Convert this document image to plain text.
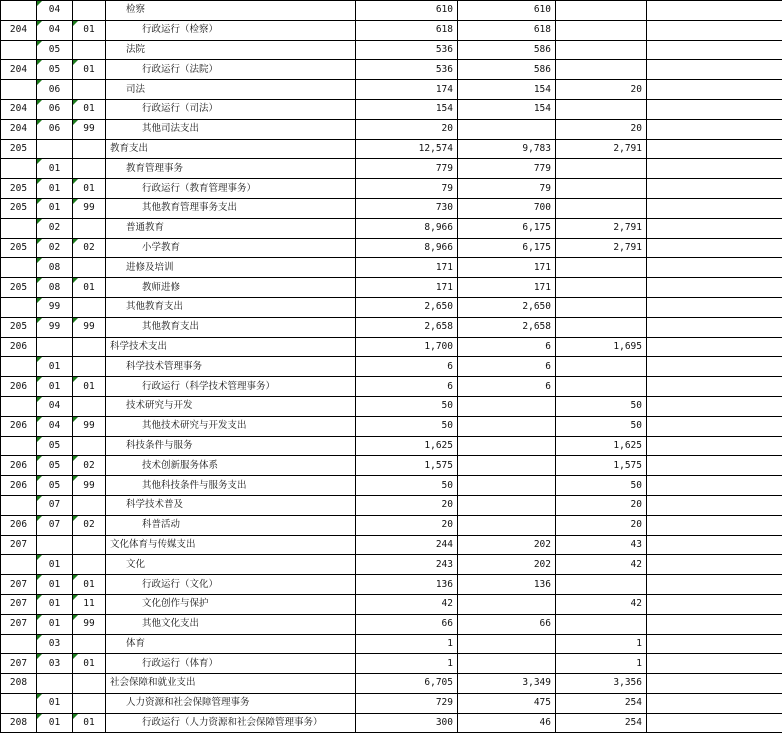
	04		检察	610	610		
204	04	01	行政运行（检察）	618	618		
	05		法院	536	586		
204	05	01	行政运行（法院）	536	586		
	06		司法	174	154	20	
204	06	01	行政运行（司法）	154	154		
204	06	99	其他司法支出	20		20	
205			教育支出	12,574	9,783	2,791	
	01		教育管理事务	779	779		
205	01	01	行政运行（教育管理事务）	79	79		
205	01	99	其他教育管理事务支出	730	700		
	02		普通教育	8,966	6,175	2,791	
205	02	02	小学教育	8,966	6,175	2,791	
	08		进修及培训	171	171		
205	08	01	教师进修	171	171		
	99		其他教育支出	2,650	2,650		
205	99	99	其他教育支出	2,658	2,658		
206			科学技术支出	1,700	6	1,695	
	01		科学技术管理事务	6	6		
206	01	01	行政运行（科学技术管理事务）	6	6		
	04		技术研究与开发	50		50	
206	04	99	其他技术研究与开发支出	50		50	
	05		科技条件与服务	1,625		1,625	
206	05	02	技术创新服务体系	1,575		1,575	
206	05	99	其他科技条件与服务支出	50		50	
	07		科学技术普及	20		20	
206	07	02	科普活动	20		20	
207			文化体育与传媒支出	244	202	43	
	01		文化	243	202	42	
207	01	01	行政运行（文化）	136	136		
207	01	11	文化创作与保护	42		42	
207	01	99	其他文化支出	66	66		
	03		体育	1		1	
207	03	01	行政运行（体育）	1		1	
208			社会保障和就业支出	6,705	3,349	3,356	
	01		人力资源和社会保障管理事务	729	475	254	
208	01	01	行政运行（人力资源和社会保障管理事务）	300	46	254	
